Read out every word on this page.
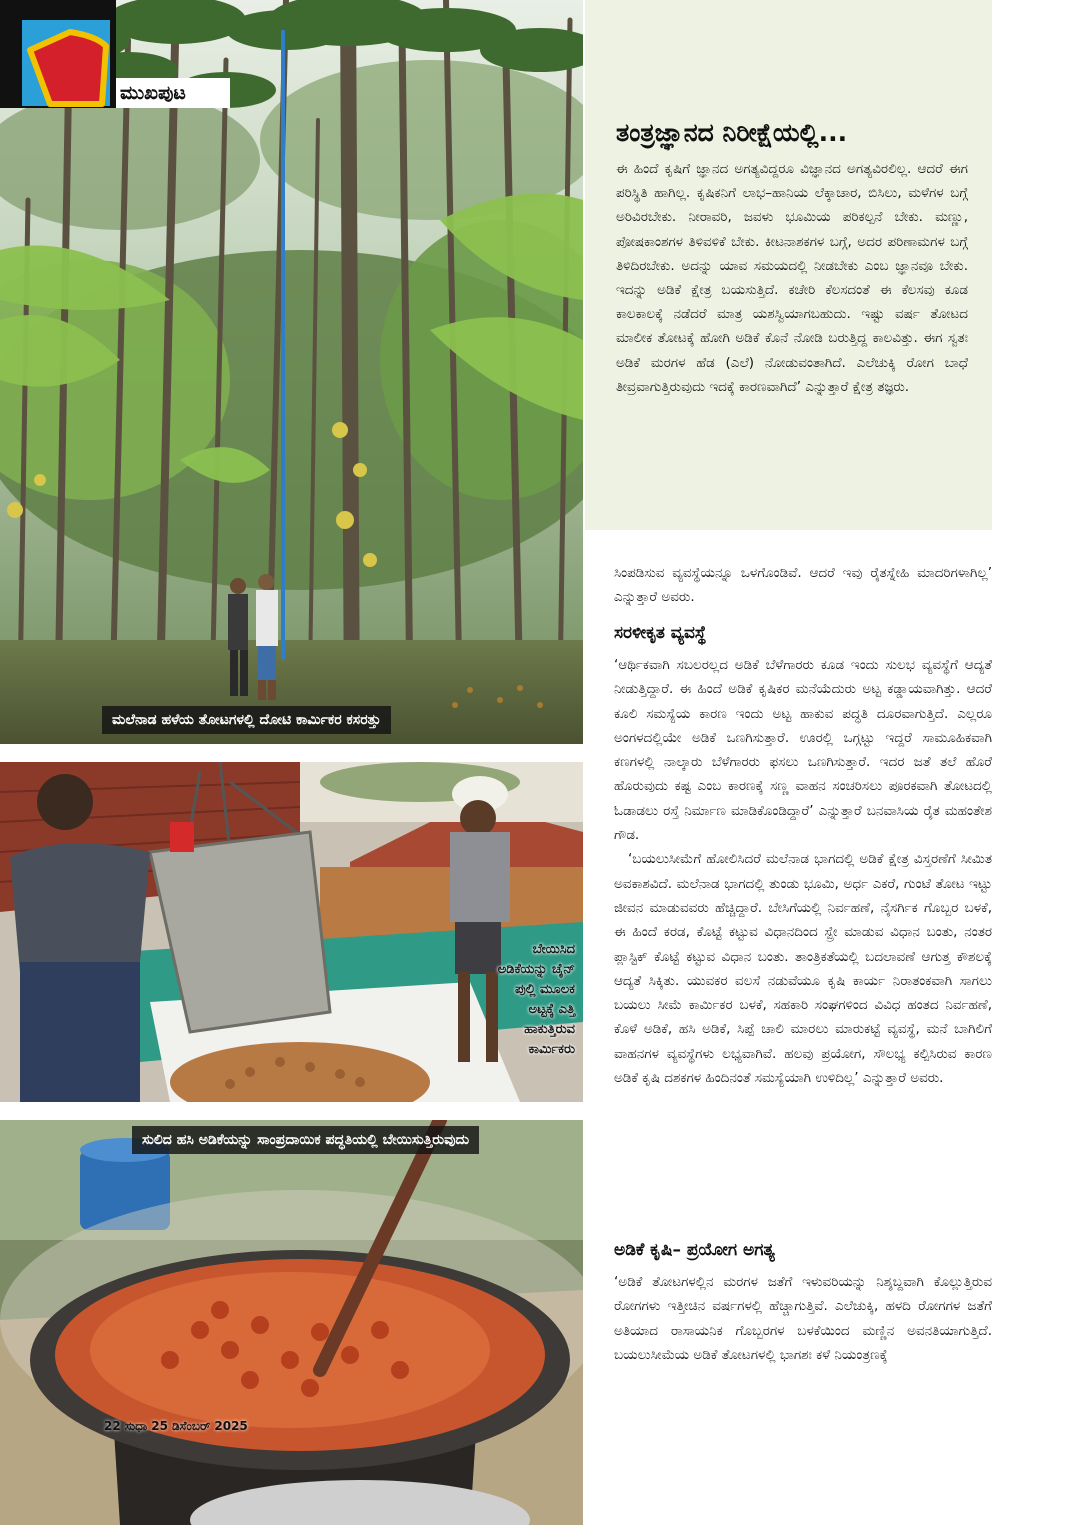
ಮುಖಪುಟ
ಮಲೆನಾಡ ಹಳೆಯ ತೋಟಗಳಲ್ಲಿ ದೋಟಿ ಕಾರ್ಮಿಕರ ಕಸರತ್ತು
ಬೇಯಿಸಿದ ಅಡಿಕೆಯನ್ನು ಚೈನ್ ಪುಲ್ಲಿ ಮೂಲಕ ಅಟ್ಟಕ್ಕೆ ಎತ್ತಿ ಹಾಕುತ್ತಿರುವ ಕಾರ್ಮಿಕರು
ಸುಲಿದ ಹಸಿ ಅಡಿಕೆಯನ್ನು ಸಾಂಪ್ರದಾಯಿಕ ಪದ್ಧತಿಯಲ್ಲಿ ಬೇಯಿಸುತ್ತಿರುವುದು
22 ಸುಧಾ 25 ಡಿಸೆಂಬರ್ 2025
ತಂತ್ರಜ್ಞಾನದ ನಿರೀಕ್ಷೆಯಲ್ಲಿ...
ಈ ಹಿಂದೆ ಕೃಷಿಗೆ ಜ್ಞಾನದ ಅಗತ್ಯವಿದ್ದರೂ ವಿಜ್ಞಾನದ ಅಗತ್ಯವಿರಲಿಲ್ಲ. ಆದರೆ ಈಗ ಪರಿಸ್ಥಿತಿ ಹಾಗಿಲ್ಲ. ಕೃಷಿಕನಿಗೆ ಲಾಭ–ಹಾನಿಯ ಲೆಕ್ಕಾಚಾರ, ಬಿಸಿಲು, ಮಳೆಗಳ ಬಗ್ಗೆ ಅರಿವಿರಬೇಕು. ನೀರಾವರಿ, ಜವಳು ಭೂಮಿಯ ಪರಿಕಲ್ಪನೆ ಬೇಕು. ಮಣ್ಣು, ಪೋಷಕಾಂಶಗಳ ತಿಳಿವಳಿಕೆ ಬೇಕು. ಕೀಟನಾಶಕಗಳ ಬಗ್ಗೆ, ಅದರ ಪರಿಣಾಮಗಳ ಬಗ್ಗೆ ತಿಳಿದಿರಬೇಕು. ಅದನ್ನು ಯಾವ ಸಮಯದಲ್ಲಿ ನೀಡಬೇಕು ಎಂಬ ಜ್ಞಾನವೂ ಬೇಕು. ಇದನ್ನು ಅಡಿಕೆ ಕ್ಷೇತ್ರ ಬಯಸುತ್ತಿದೆ. ಕಚೇರಿ ಕೆಲಸದಂತೆ ಈ ಕೆಲಸವು ಕೂಡ ಕಾಲಕಾಲಕ್ಕೆ ನಡೆದರೆ ಮಾತ್ರ ಯಶಸ್ವಿಯಾಗಬಹುದು. ಇಷ್ಟು ವರ್ಷ ತೋಟದ ಮಾಲೀಕ ತೋಟಕ್ಕೆ ಹೋಗಿ ಅಡಿಕೆ ಕೊನೆ ನೋಡಿ ಬರುತ್ತಿದ್ದ ಕಾಲವಿತ್ತು. ಈಗ ಸ್ವತಃ ಅಡಿಕೆ ಮರಗಳ ಹೆಡ (ಎಲೆ) ನೋಡುವಂತಾಗಿದೆ. ಎಲೆಚುಕ್ಕಿ ರೋಗ ಬಾಧೆ ತೀವ್ರವಾಗುತ್ತಿರುವುದು ಇದಕ್ಕೆ ಕಾರಣವಾಗಿದೆ’ ಎನ್ನುತ್ತಾರೆ ಕ್ಷೇತ್ರ ತಜ್ಞರು.

ಸಿಂಪಡಿಸುವ ವ್ಯವಸ್ಥೆಯನ್ನೂ ಒಳಗೊಂಡಿವೆ. ಆದರೆ ಇವು ರೈತಸ್ನೇಹಿ ಮಾದರಿಗಳಾಗಿಲ್ಲ’ ಎನ್ನುತ್ತಾರೆ ಅವರು.

ಸರಳೀಕೃತ ವ್ಯವಸ್ಥೆ

‘ಆರ್ಥಿಕವಾಗಿ ಸಬಲರಲ್ಲದ ಅಡಿಕೆ ಬೆಳೆಗಾರರು ಕೂಡ ಇಂದು ಸುಲಭ ವ್ಯವಸ್ಥೆಗೆ ಆದ್ಯತೆ ನೀಡುತ್ತಿದ್ದಾರೆ. ಈ ಹಿಂದೆ ಅಡಿಕೆ ಕೃಷಿಕರ ಮನೆಯೆದುರು ಅಟ್ಟ ಕಡ್ಡಾಯವಾಗಿತ್ತು. ಆದರೆ ಕೂಲಿ ಸಮಸ್ಯೆಯ ಕಾರಣ ಇಂದು ಅಟ್ಟ ಹಾಕುವ ಪದ್ಧತಿ ದೂರವಾಗುತ್ತಿದೆ. ಎಲ್ಲರೂ ಅಂಗಳದಲ್ಲಿಯೇ ಅಡಿಕೆ ಒಣಗಿಸುತ್ತಾರೆ. ಊರಲ್ಲಿ ಒಗ್ಗಟ್ಟು ಇದ್ದರೆ ಸಾಮೂಹಿಕವಾಗಿ ಕಣಗಳಲ್ಲಿ ನಾಲ್ಕಾರು ಬೆಳೆಗಾರರು ಫಸಲು ಒಣಗಿಸುತ್ತಾರೆ. ಇದರ ಜತೆ ತಲೆ ಹೊರೆ ಹೊರುವುದು ಕಷ್ಟ ಎಂಬ ಕಾರಣಕ್ಕೆ ಸಣ್ಣ ವಾಹನ ಸಂಚರಿಸಲು ಪೂರಕವಾಗಿ ತೋಟದಲ್ಲಿ ಓಡಾಡಲು ರಸ್ತೆ ನಿರ್ಮಾಣ ಮಾಡಿಕೊಂಡಿದ್ದಾರೆ’ ಎನ್ನುತ್ತಾರೆ ಬನವಾಸಿಯ ರೈತ ಮಹಂತೇಶ ಗೌಡ.

‘ಬಯಲುಸೀಮೆಗೆ ಹೋಲಿಸಿದರೆ ಮಲೆನಾಡ ಭಾಗದಲ್ಲಿ ಅಡಿಕೆ ಕ್ಷೇತ್ರ ವಿಸ್ತರಣೆಗೆ ಸೀಮಿತ ಅವಕಾಶವಿದೆ. ಮಲೆನಾಡ ಭಾಗದಲ್ಲಿ ತುಂಡು ಭೂಮಿ, ಅರ್ಧ ಎಕರೆ, ಗುಂಟೆ ತೋಟ ಇಟ್ಟು ಜೀವನ ಮಾಡುವವರು ಹೆಚ್ಚಿದ್ದಾರೆ. ಬೇಸಿಗೆಯಲ್ಲಿ ನಿರ್ವಹಣೆ, ನೈಸರ್ಗಿಕ ಗೊಬ್ಬರ ಬಳಕೆ, ಈ ಹಿಂದೆ ಕರಡ, ಕೊಟ್ಟೆ ಕಟ್ಟುವ ವಿಧಾನದಿಂದ ಸ್ಪ್ರೇ ಮಾಡುವ ವಿಧಾನ ಬಂತು, ನಂತರ ಪ್ಲಾಸ್ಟಿಕ್ ಕೊಟ್ಟೆ ಕಟ್ಟುವ ವಿಧಾನ ಬಂತು. ತಾಂತ್ರಿಕತೆಯಲ್ಲಿ ಬದಲಾವಣೆ ಆಗುತ್ತ ಕೌಶಲಕ್ಕೆ ಆದ್ಯತೆ ಸಿಕ್ಕಿತು. ಯುವಕರ ವಲಸೆ ನಡುವೆಯೂ ಕೃಷಿ ಕಾರ್ಯ ನಿರಾತಂಕವಾಗಿ ಸಾಗಲು ಬಯಲು ಸೀಮೆ ಕಾರ್ಮಿಕರ ಬಳಕೆ, ಸಹಕಾರಿ ಸಂಘಗಳಿಂದ ವಿವಿಧ ಹಂತದ ನಿರ್ವಹಣೆ, ಕೊಳೆ ಅಡಿಕೆ, ಹಸಿ ಅಡಿಕೆ, ಸಿಪ್ಪೆ ಚಾಲಿ ಮಾರಲು ಮಾರುಕಟ್ಟೆ ವ್ಯವಸ್ಥೆ, ಮನೆ ಬಾಗಿಲಿಗೆ ವಾಹನಗಳ ವ್ಯವಸ್ಥೆಗಳು ಲಭ್ಯವಾಗಿವೆ. ಹಲವು ಪ್ರಯೋಗ, ಸೌಲಭ್ಯ ಕಲ್ಪಿಸಿರುವ ಕಾರಣ ಅಡಿಕೆ ಕೃಷಿ ದಶಕಗಳ ಹಿಂದಿನಂತೆ ಸಮಸ್ಯೆಯಾಗಿ ಉಳಿದಿಲ್ಲ’ ಎನ್ನುತ್ತಾರೆ ಅವರು.

ಅಡಿಕೆ ಕೃಷಿ– ಪ್ರಯೋಗ ಅಗತ್ಯ

‘ಅಡಿಕೆ ತೋಟಗಳಲ್ಲಿನ ಮರಗಳ ಜತೆಗೆ ಇಳುವರಿಯನ್ನು ನಿಶ್ಶಬ್ದವಾಗಿ ಕೊಲ್ಲುತ್ತಿರುವ ರೋಗಗಳು ಇತ್ತೀಚಿನ ವರ್ಷಗಳಲ್ಲಿ ಹೆಚ್ಚಾಗುತ್ತಿವೆ. ಎಲೆಚುಕ್ಕಿ, ಹಳದಿ ರೋಗಗಳ ಜತೆಗೆ ಅತಿಯಾದ ರಾಸಾಯನಿಕ ಗೊಬ್ಬರಗಳ ಬಳಕೆಯಿಂದ ಮಣ್ಣಿನ ಅವನತಿಯಾಗುತ್ತಿದೆ. ಬಯಲುಸೀಮೆಯ ಅಡಿಕೆ ತೋಟಗಳಲ್ಲಿ ಭಾಗಶಃ ಕಳೆ ನಿಯಂತ್ರಣಕ್ಕೆ
